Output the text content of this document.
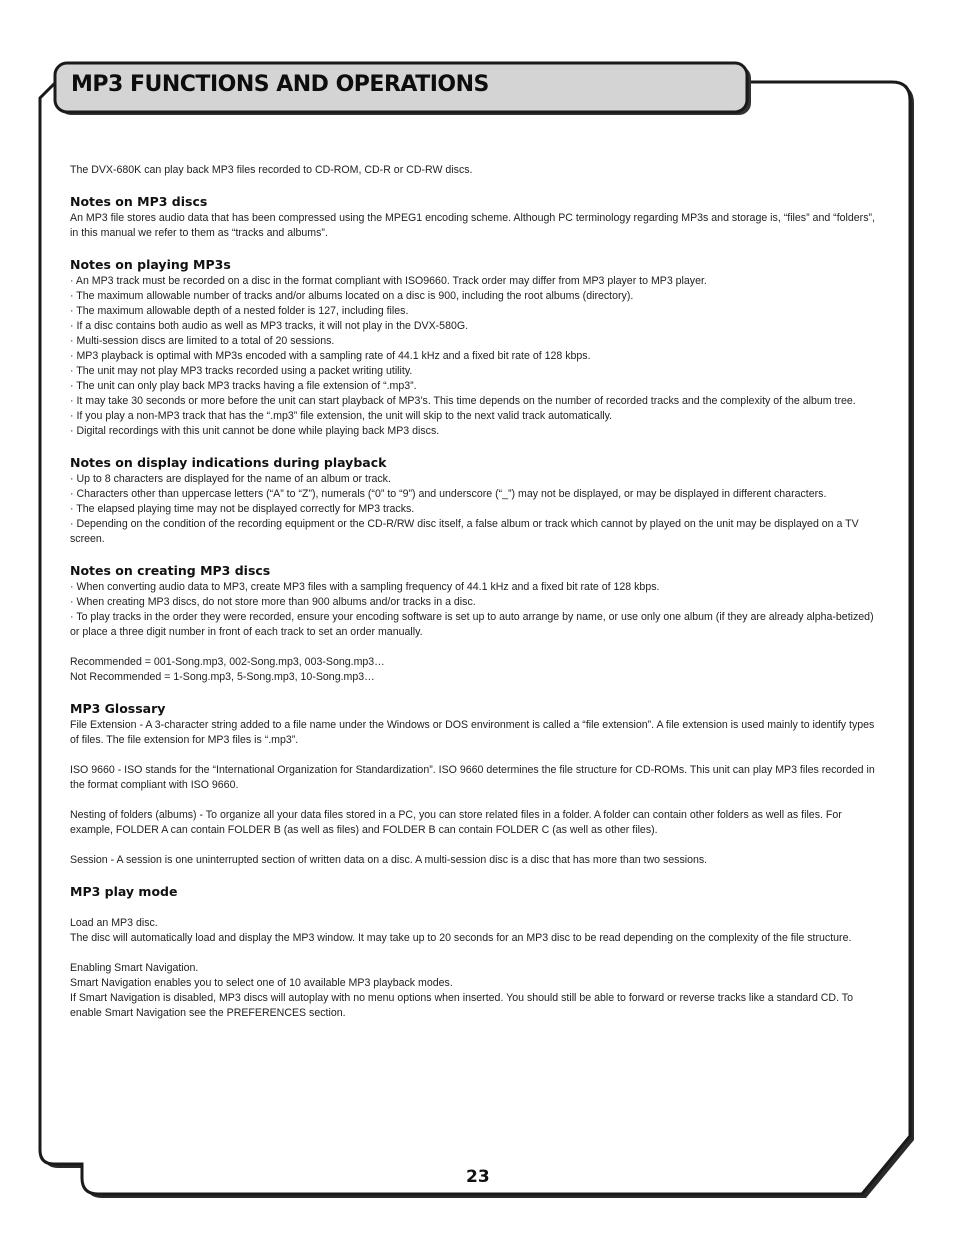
MP3 FUNCTIONS AND OPERATIONS

The DVX-680K can play back MP3 files recorded to CD-ROM, CD-R or CD-RW discs.

Notes on MP3 discs

An MP3 file stores audio data that has been compressed using the MPEG1 encoding scheme. Although PC terminology regarding MP3s and storage is, “files” and “folders”, in this manual we refer to them as “tracks and albums”.

Notes on playing MP3s
· An MP3 track must be recorded on a disc in the format compliant with ISO9660. Track order may differ from MP3 player to MP3 player.
· The maximum allowable number of tracks and/or albums located on a disc is 900, including the root albums (directory).
· The maximum allowable depth of a nested folder is 127, including files.
· If a disc contains both audio as well as MP3 tracks, it will not play in the DVX-580G.
· Multi-session discs are limited to a total of 20 sessions.
· MP3 playback is optimal with MP3s encoded with a sampling rate of 44.1 kHz and a fixed bit rate of 128 kbps.
· The unit may not play MP3 tracks recorded using a packet writing utility.
· The unit can only play back MP3 tracks having a file extension of “.mp3”.
· It may take 30 seconds or more before the unit can start playback of MP3’s. This time depends on the number of recorded tracks and the complexity of the album tree.
· If you play a non-MP3 track that has the “.mp3” file extension, the unit will skip to the next valid track automatically.
· Digital recordings with this unit cannot be done while playing back MP3 discs.
Notes on display indications during playback
· Up to 8 characters are displayed for the name of an album or track.
· Characters other than uppercase letters (“A” to “Z”), numerals (“0” to “9”) and underscore (“_”) may not be displayed, or may be displayed in different characters.
· The elapsed playing time may not be displayed correctly for MP3 tracks.
· Depending on the condition of the recording equipment or the CD-R/RW disc itself, a false album or track which cannot by played on the unit may be displayed on a TV screen.
Notes on creating MP3 discs
· When converting audio data to MP3, create MP3 files with a sampling frequency of 44.1 kHz and a fixed bit rate of 128 kbps.
· When creating MP3 discs, do not store more than 900 albums and/or tracks in a disc.
· To play tracks in the order they were recorded, ensure your encoding software is set up to auto arrange by name, or use only one album (if they are already alpha-betized) or place a three digit number in front of each track to set an order manually.

Recommended = 001-Song.mp3, 002-Song.mp3, 003-Song.mp3…

Not Recommended = 1-Song.mp3, 5-Song.mp3, 10-Song.mp3…

MP3 Glossary

File Extension - A 3-character string added to a file name under the Windows or DOS environment is called a “file extension”. A file extension is used mainly to identify types of files. The file extension for MP3 files is “.mp3”.

ISO 9660 - ISO stands for the “International Organization for Standardization”. ISO 9660 determines the file structure for CD-ROMs. This unit can play MP3 files recorded in the format compliant with ISO 9660.

Nesting of folders (albums) - To organize all your data files stored in a PC, you can store related files in a folder. A folder can contain other folders as well as files. For example, FOLDER A can contain FOLDER B (as well as files) and FOLDER B can contain FOLDER C (as well as other files).

Session - A session is one uninterrupted section of written data on a disc. A multi-session disc is a disc that has more than two sessions.

MP3 play mode

Load an MP3 disc.

The disc will automatically load and display the MP3 window. It may take up to 20 seconds for an MP3 disc to be read depending on the complexity of the file structure.

Enabling Smart Navigation.

Smart Navigation enables you to select one of 10 available MP3 playback modes.

If Smart Navigation is disabled, MP3 discs will autoplay with no menu options when inserted. You should still be able to forward or reverse tracks like a standard CD. To enable Smart Navigation see the PREFERENCES section.

23
